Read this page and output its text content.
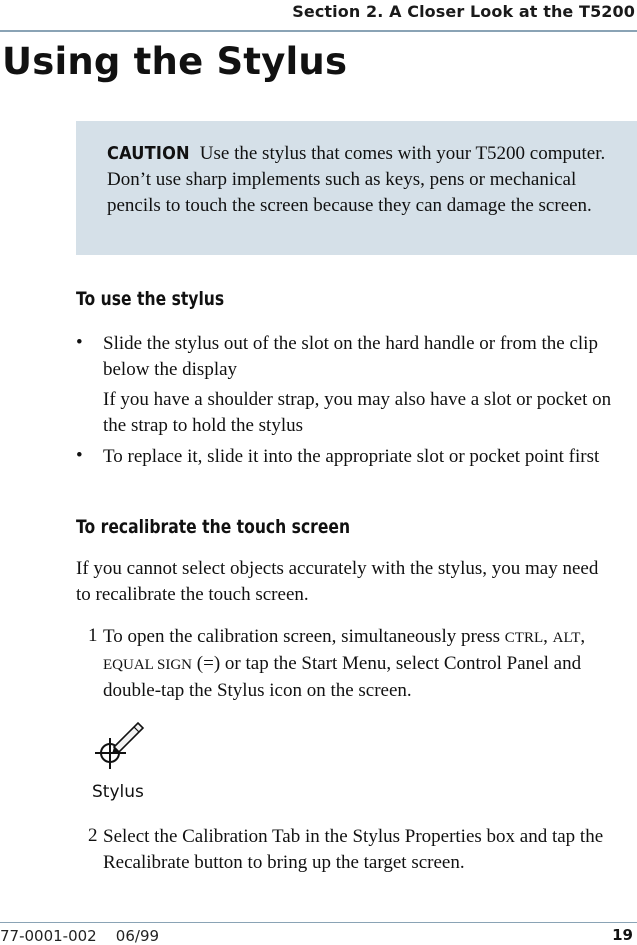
Section 2. A Closer Look at the T5200
Using the Stylus
CAUTION Use the stylus that comes with your T5200 computer. Don’t use sharp implements such as keys, pens or mechanical pencils to touch the screen because they can damage the screen.
To use the stylus
• Slide the stylus out of the slot on the hard handle or from the clip below the display
If you have a shoulder strap, you may also have a slot or pocket on the strap to hold the stylus
• To replace it, slide it into the appropriate slot or pocket point first
To recalibrate the touch screen
If you cannot select objects accurately with the stylus, you may need to recalibrate the touch screen.
1 To open the calibration screen, simultaneously press CTRL, ALT,
EQUAL SIGN (=) or tap the Start Menu, select Control Panel and double-tap the Stylus icon on the screen.
Stylus
2 Select the Calibration Tab in the Stylus Properties box and tap the Recalibrate button to bring up the target screen.
77-0001-002 06/99	19
